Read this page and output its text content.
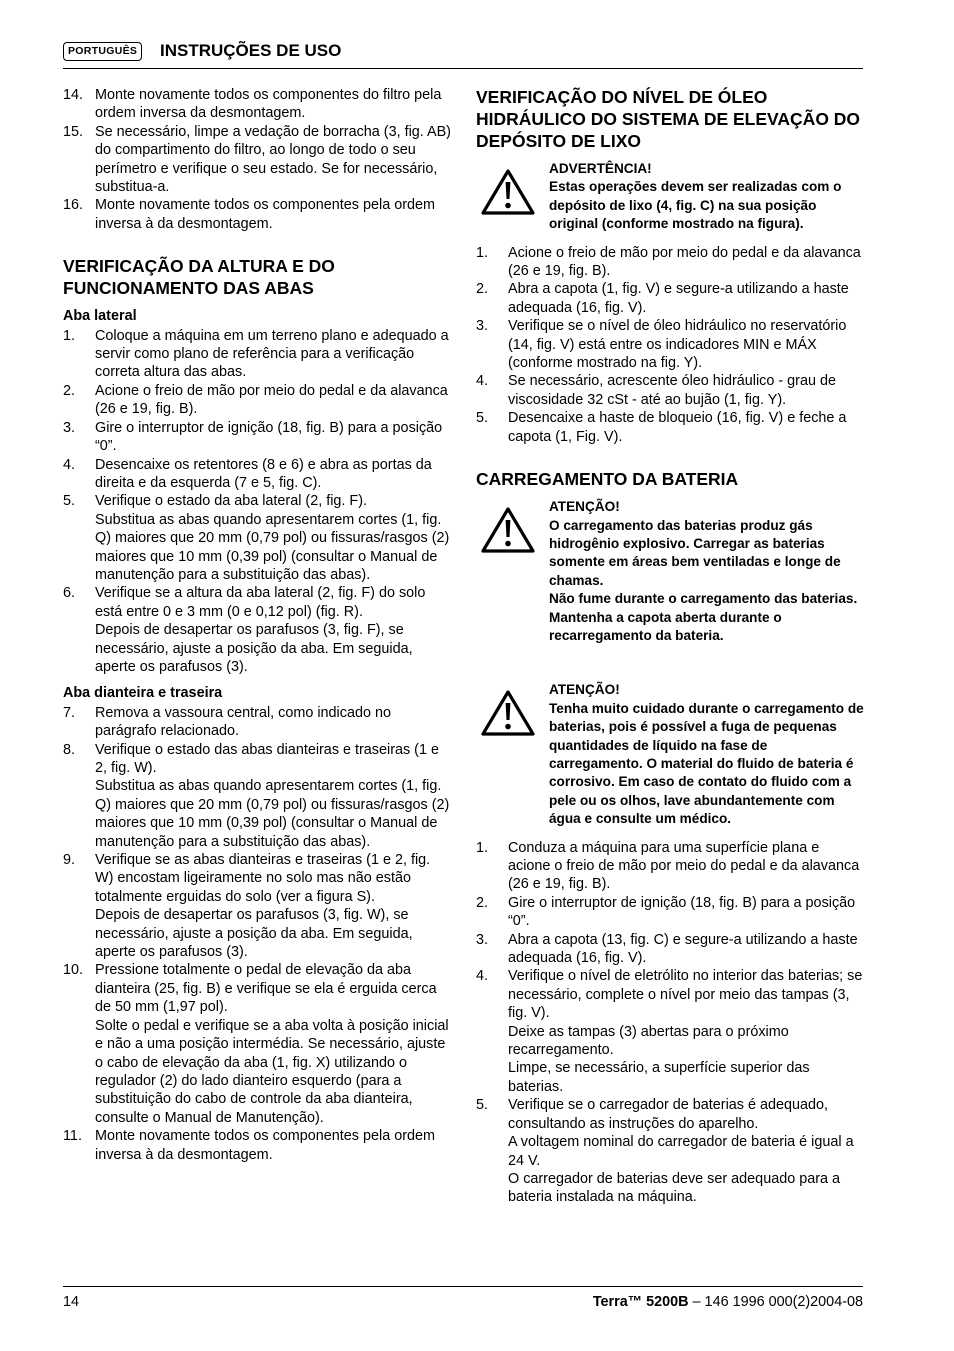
PORTUGUÊS INSTRUÇÕES DE USO
14. Monte novamente todos os componentes do filtro pela ordem inversa da desmontagem.
15. Se necessário, limpe a vedação de borracha (3, fig. AB) do compartimento do filtro, ao longo de todo o seu perímetro e verifique o seu estado. Se for necessário, substitua-a.
16. Monte novamente todos os componentes pela ordem inversa à da desmontagem.
VERIFICAÇÃO DA ALTURA E DO FUNCIONAMENTO DAS ABAS
Aba lateral
1. Coloque a máquina em um terreno plano e adequado a servir como plano de referência para a verificação correta altura das abas.
2. Acione o freio de mão por meio do pedal e da alavanca (26 e 19, fig. B).
3. Gire o interruptor de ignição (18, fig. B) para a posição “0”.
4. Desencaixe os retentores (8 e 6) e abra as portas da direita e da esquerda (7 e 5, fig. C).
5. Verifique o estado da aba lateral (2, fig. F).
Substitua as abas quando apresentarem cortes (1, fig. Q) maiores que 20 mm (0,79 pol) ou fissuras/rasgos (2) maiores que 10 mm (0,39 pol) (consultar o Manual de manutenção para a substituição das abas).
6. Verifique se a altura da aba lateral (2, fig. F) do solo está entre 0 e 3 mm (0 e 0,12 pol) (fig. R).
Depois de desapertar os parafusos (3, fig. F), se necessário, ajuste a posição da aba. Em seguida, aperte os parafusos (3).
Aba dianteira e traseira
7. Remova a vassoura central, como indicado no parágrafo relacionado.
8. Verifique o estado das abas dianteiras e traseiras (1 e 2, fig. W).
Substitua as abas quando apresentarem cortes (1, fig. Q) maiores que 20 mm (0,79 pol) ou fissuras/rasgos (2) maiores que 10 mm (0,39 pol) (consultar o Manual de manutenção para a substituição das abas).
9. Verifique se as abas dianteiras e traseiras (1 e 2, fig. W) encostam ligeiramente no solo mas não estão totalmente erguidas do solo (ver a figura S).
Depois de desapertar os parafusos (3, fig. W), se necessário, ajuste a posição da aba. Em seguida, aperte os parafusos (3).
10. Pressione totalmente o pedal de elevação da aba dianteira (25, fig. B) e verifique se ela é erguida cerca de 50 mm (1,97 pol).
Solte o pedal e verifique se a aba volta à posição inicial e não a uma posição intermédia. Se necessário, ajuste o cabo de elevação da aba (1, fig. X) utilizando o regulador (2) do lado dianteiro esquerdo (para a substituição do cabo de controle da aba dianteira, consulte o Manual de Manutenção).
11. Monte novamente todos os componentes pela ordem inversa à da desmontagem.
VERIFICAÇÃO DO NÍVEL DE ÓLEO HIDRÁULICO DO SISTEMA DE ELEVAÇÃO DO DEPÓSITO DE LIXO
ADVERTÊNCIA!
Estas operações devem ser realizadas com o depósito de lixo (4, fig. C) na sua posição original (conforme mostrado na figura).
1. Acione o freio de mão por meio do pedal e da alavanca (26 e 19, fig. B).
2. Abra a capota (1, fig. V) e segure-a utilizando a haste adequada (16, fig. V).
3. Verifique se o nível de óleo hidráulico no reservatório (14, fig. V) está entre os indicadores MIN e MÁX (conforme mostrado na fig. Y).
4. Se necessário, acrescente óleo hidráulico - grau de viscosidade 32 cSt - até ao bujão (1, fig. Y).
5. Desencaixe a haste de bloqueio (16, fig. V) e feche a capota (1, Fig. V).
CARREGAMENTO DA BATERIA
ATENÇÃO!
O carregamento das baterias produz gás hidrogênio explosivo. Carregar as baterias somente em áreas bem ventiladas e longe de chamas.
Não fume durante o carregamento das baterias.
Mantenha a capota aberta durante o recarregamento da bateria.
ATENÇÃO!
Tenha muito cuidado durante o carregamento de baterias, pois é possível a fuga de pequenas quantidades de líquido na fase de carregamento. O material do fluido de bateria é corrosivo. Em caso de contato do fluido com a pele ou os olhos, lave abundantemente com água e consulte um médico.
1. Conduza a máquina para uma superfície plana e acione o freio de mão por meio do pedal e da alavanca (26 e 19, fig. B).
2. Gire o interruptor de ignição (18, fig. B) para a posição “0”.
3. Abra a capota (13, fig. C) e segure-a utilizando a haste adequada (16, fig. V).
4. Verifique o nível de eletrólito no interior das baterias; se necessário, complete o nível por meio das tampas (3, fig. V).
Deixe as tampas (3) abertas para o próximo recarregamento.
Limpe, se necessário, a superfície superior das baterias.
5. Verifique se o carregador de baterias é adequado, consultando as instruções do aparelho.
A voltagem nominal do carregador de bateria é igual a 24 V.
O carregador de baterias deve ser adequado para a bateria instalada na máquina.
14	Terra™ 5200B – 146 1996 000(2)2004-08
